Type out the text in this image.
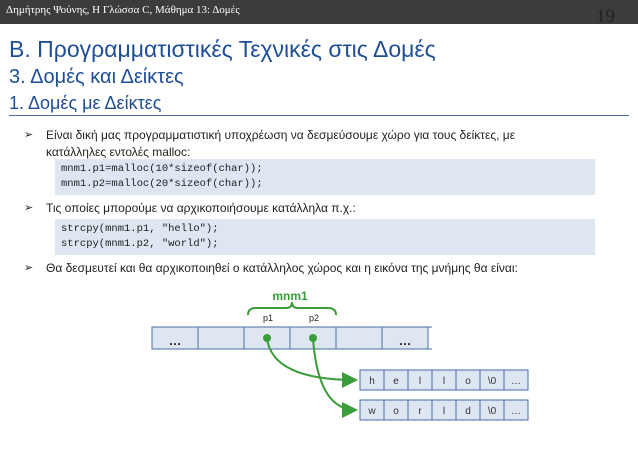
Δημήτρης Ψούνης, Η Γλώσσα C, Μάθημα 13: Δομές	19
B. Προγραμματιστικές Τεχνικές στις Δομές
3. Δομές και Δείκτες
1. Δομές με Δείκτες
➢ Είναι δική μας προγραμματιστική υποχρέωση να δεσμεύσουμε χώρο για τους δείκτες, με
κατάλληλες εντολές malloc:
mnm1.p1=malloc(10*sizeof(char));
mnm1.p2=malloc(20*sizeof(char));
➢ Τις οποίες μπορούμε να αρχικοποιήσουμε κατάλληλα π.χ.:
strcpy(mnm1.p1, "hello");
strcpy(mnm1.p2, "world");
➢ Θα δεσμευτεί και θα αρχικοποιηθεί ο κατάλληλος χώρος και η εικόνα της μνήμης θα είναι:
mnm1
p1	p2
…	…
h e l l o \0 …
w o r l d \0 …
